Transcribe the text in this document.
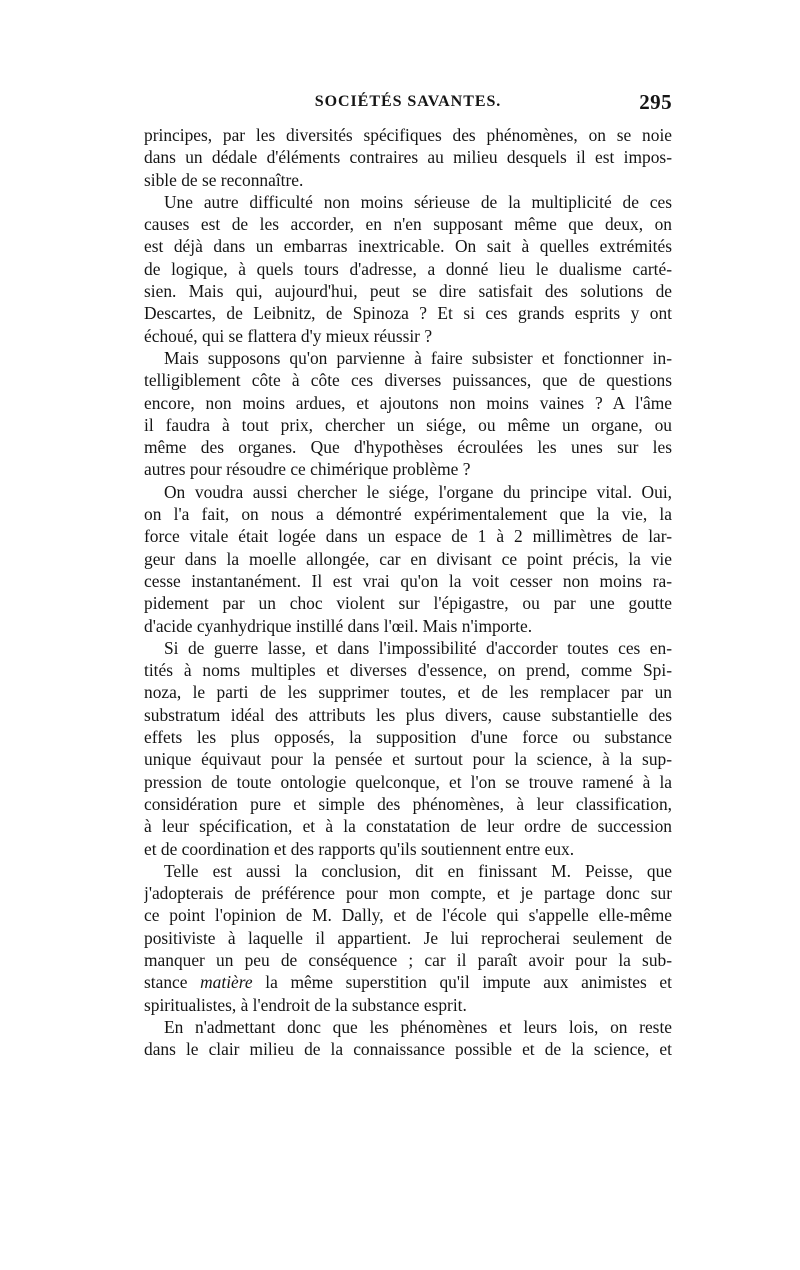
SOCIÉTÉS SAVANTES.	295
principes, par les diversités spécifiques des phénomènes, on se noie
dans un dédale d'éléments contraires au milieu desquels il est impos-
sible de se reconnaître.
Une autre difficulté non moins sérieuse de la multiplicité de ces
causes est de les accorder, en n'en supposant même que deux, on
est déjà dans un embarras inextricable. On sait à quelles extrémités
de logique, à quels tours d'adresse, a donné lieu le dualisme carté-
sien. Mais qui, aujourd'hui, peut se dire satisfait des solutions de
Descartes, de Leibnitz, de Spinoza ? Et si ces grands esprits y ont
échoué, qui se flattera d'y mieux réussir ?
Mais supposons qu'on parvienne à faire subsister et fonctionner in-
telligiblement côte à côte ces diverses puissances, que de questions
encore, non moins ardues, et ajoutons non moins vaines ? A l'âme
il faudra à tout prix, chercher un siége, ou même un organe, ou
même des organes. Que d'hypothèses écroulées les unes sur les
autres pour résoudre ce chimérique problème ?
On voudra aussi chercher le siége, l'organe du principe vital. Oui,
on l'a fait, on nous a démontré expérimentalement que la vie, la
force vitale était logée dans un espace de 1 à 2 millimètres de lar-
geur dans la moelle allongée, car en divisant ce point précis, la vie
cesse instantanément. Il est vrai qu'on la voit cesser non moins ra-
pidement par un choc violent sur l'épigastre, ou par une goutte
d'acide cyanhydrique instillé dans l'œil. Mais n'importe.
Si de guerre lasse, et dans l'impossibilité d'accorder toutes ces en-
tités à noms multiples et diverses d'essence, on prend, comme Spi-
noza, le parti de les supprimer toutes, et de les remplacer par un
substratum idéal des attributs les plus divers, cause substantielle des
effets les plus opposés, la supposition d'une force ou substance
unique équivaut pour la pensée et surtout pour la science, à la sup-
pression de toute ontologie quelconque, et l'on se trouve ramené à la
considération pure et simple des phénomènes, à leur classification,
à leur spécification, et à la constatation de leur ordre de succession
et de coordination et des rapports qu'ils soutiennent entre eux.
Telle est aussi la conclusion, dit en finissant M. Peisse, que
j'adopterais de préférence pour mon compte, et je partage donc sur
ce point l'opinion de M. Dally, et de l'école qui s'appelle elle-même
positiviste à laquelle il appartient. Je lui reprocherai seulement de
manquer un peu de conséquence ; car il paraît avoir pour la sub-
stance matière la même superstition qu'il impute aux animistes et
spiritualistes, à l'endroit de la substance esprit.
En n'admettant donc que les phénomènes et leurs lois, on reste
dans le clair milieu de la connaissance possible et de la science, et
